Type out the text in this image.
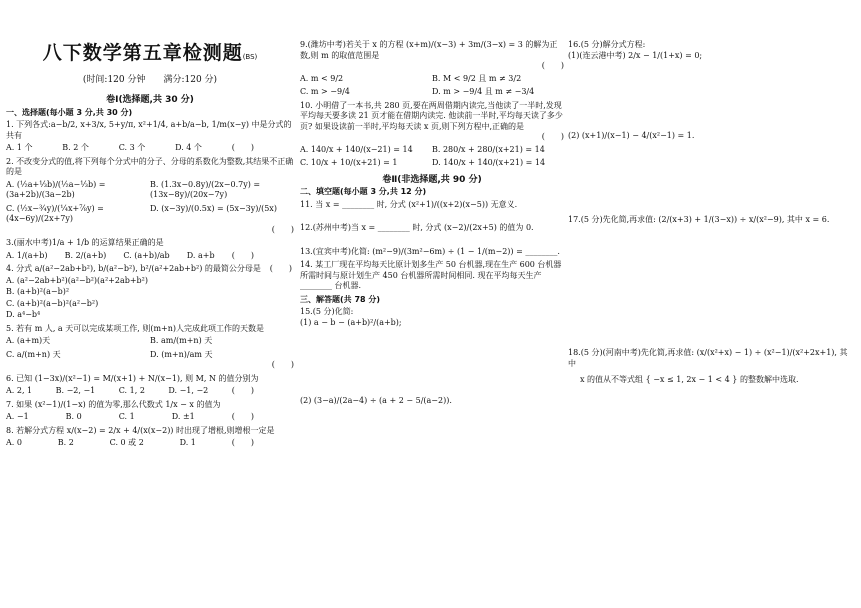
八下数学第五章检测题(BS)
(时间:120 分钟　　满分:120 分)
卷Ⅰ(选择题,共 30 分)
一、选择题(每小题 3 分,共 30 分)
1. 下列各式:a−b/2, x+3/x, 5+y/π, x²+1/4, a+b/a−b, 1/m(x−y) 中是分式的共有
A. 1 个	B. 2 个	C. 3 个	D. 4 个	(　　)
2. 不改变分式的值,将下列每个分式中的分子、分母的系数化为整数,其结果不正确的是
A. (½a+⅓b)/(½a−⅓b) = (3a+2b)/(3a−2b)
B. (1.3x−0.8y)/(2x−0.7y) = (13x−8y)/(20x−7y)
C. (½x−¾y)/(¼x+⅞y) = (4x−6y)/(2x+7y)
D. (x−3y)/(0.5x) = (5x−3y)/(5x)
(　　)
3.(丽水中考)1/a + 1/b 的运算结果正确的是
A. 1/(a+b) B. 2/(a+b) C. (a+b)/ab D. a+b (　　)
4. 分式 a/(a²−2ab+b²), b/(a²−b²), b²/(a²+2ab+b²) 的最简公分母是
A. (a²−2ab+b²)(a²−b²)(a²+2ab+b²)
B. (a+b)²(a−b)²
C. (a+b)²(a−b)²(a²−b²)
D. a⁴−b⁴
(　　)
5. 若有 m 人, a 天可以完成某项工作, 则(m+n)人完成此项工作的天数是
A. (a+m)天	B. am/(m+n) 天
C. a/(m+n) 天	D. (m+n)/am 天
(　　)
6. 已知 (1−3x)/(x²−1) = M/(x+1) + N/(x−1), 则 M, N 的值分别为
A. 2, 1	B. −2, −1	C. 1, 2	D. −1, −2	(　　)
7. 如果 (x²−1)/(1−x) 的值为零,那么代数式 1/x − x 的值为
A. −1	B. 0	C. 1	D. ±1	(　　)
8. 若解分式方程 x/(x−2) = 2/x + 4/(x(x−2)) 时出现了增根,则增根一定是
A. 0	B. 2	C. 0 或 2	D. 1	(　　)
9.(潍坊中考)若关于 x 的方程 (x+m)/(x−3) + 3m/(3−x) = 3 的解为正数,则 m 的取值范围是
(　　)
A. m < 9/2	B. M < 9/2 且 m ≠ 3/2
C. m > −9/4	D. m > −9/4 且 m ≠ −3/4
10. 小明借了一本书,共 280 页,要在两周借期内读完,当他读了一半时,发现平均每天要多读 21 页才能在借期内读完. 他读前一半时,平均每天读了多少页? 如果设读前一半时,平均每天读 x 页,则下列方程中,正确的是
(　　)
A. 140/x + 140/(x−21) = 14	B. 280/x + 280/(x+21) = 14
C. 10/x + 10/(x+21) = 1	D. 140/x + 140/(x+21) = 14
卷Ⅱ(非选择题,共 90 分)
二、填空题(每小题 3 分,共 12 分)
11. 当 x = ________ 时, 分式 (x²+1)/((x+2)(x−5)) 无意义.
12.(苏州中考)当 x = ________ 时, 分式 (x−2)/(2x+5) 的值为 0.
13.(宜宾中考)化简: (m²−9)/(3m²−6m) ÷ (1 − 1/(m−2)) = ________.
14. 某工厂现在平均每天比原计划多生产 50 台机器,现在生产 600 台机器所需时间与原计划生产 450 台机器所需时间相同. 现在平均每天生产 ________ 台机器.
三、解答题(共 78 分)
15.(5 分)化简:
(1) a − b − (a+b)²/(a+b);
(2) (3−a)/(2a−4) ÷ (a + 2 − 5/(a−2)).
16.(5 分)解分式方程:
(1)(连云港中考) 2/x − 1/(1+x) = 0;
(2) (x+1)/(x−1) − 4/(x²−1) = 1.
17.(5 分)先化简,再求值: (2/(x+3) + 1/(3−x)) ÷ x/(x²−9), 其中 x = 6.
18.(5 分)(河南中考)先化简,再求值: (x/(x²+x) − 1) ÷ (x²−1)/(x²+2x+1), 其中
x 的值从不等式组 { −x ≤ 1, 2x − 1 < 4 } 的整数解中选取.
